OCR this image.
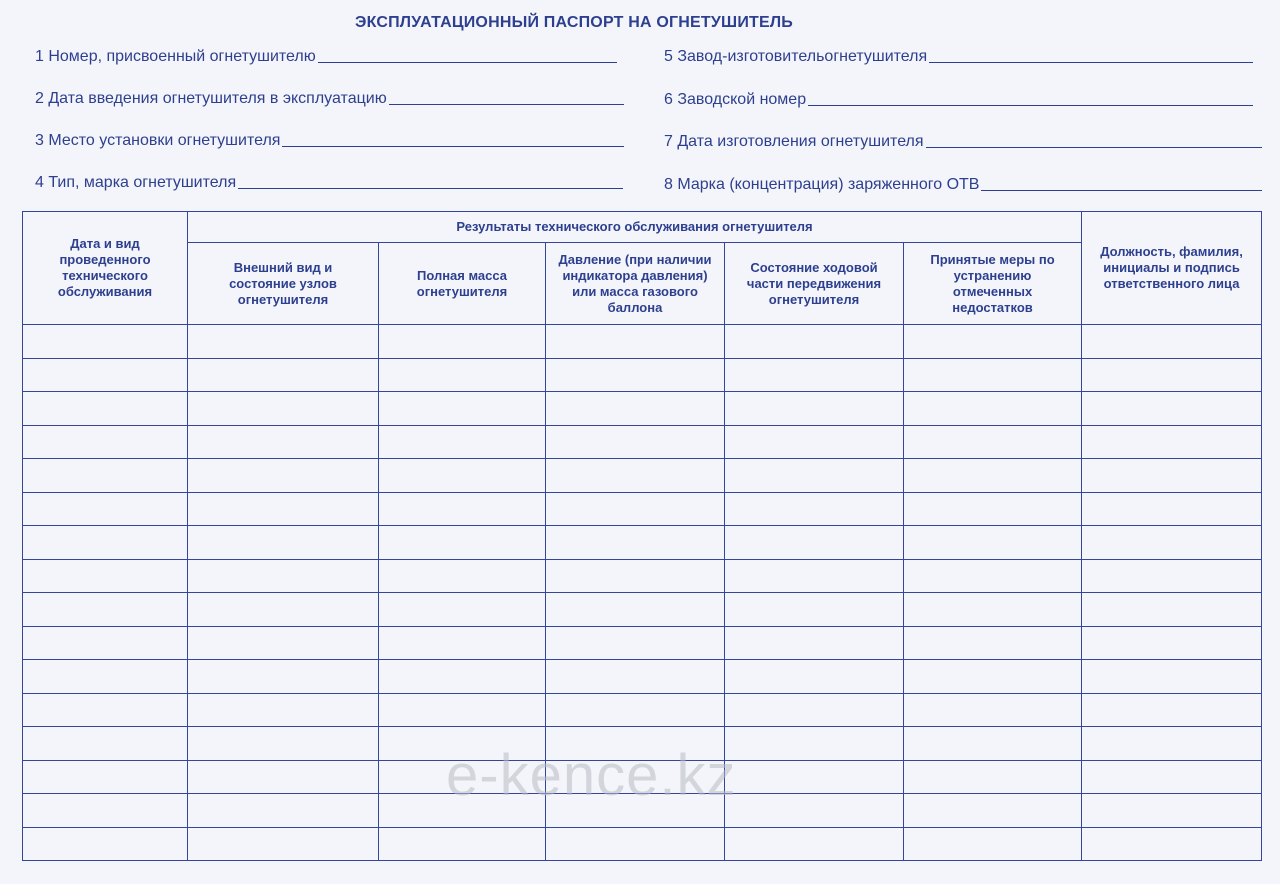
ЭКСПЛУАТАЦИОННЫЙ ПАСПОРТ НА ОГНЕТУШИТЕЛЬ
1 Номер, присвоенный огнетушителю
2 Дата введения огнетушителя в эксплуатацию
3 Место установки огнетушителя
4 Тип, марка огнетушителя
5 Завод-изготовительогнетушителя
6 Заводской номер
7 Дата изготовления огнетушителя
8 Марка (концентрация) заряженного ОТВ
Дата и вид проведенного технического обслуживания	Результаты технического обслуживания огнетушителя					Должность, фамилия, инициалы и подпись ответственного лица
	Внешний вид и состояние узлов огнетушителя	Полная масса огнетушителя	Давление (при наличии индикатора давления) или масса газового баллона	Состояние ходовой части передвижения огнетушителя	Принятые меры по устранению отмеченных недостатков	

e-kence.kz
